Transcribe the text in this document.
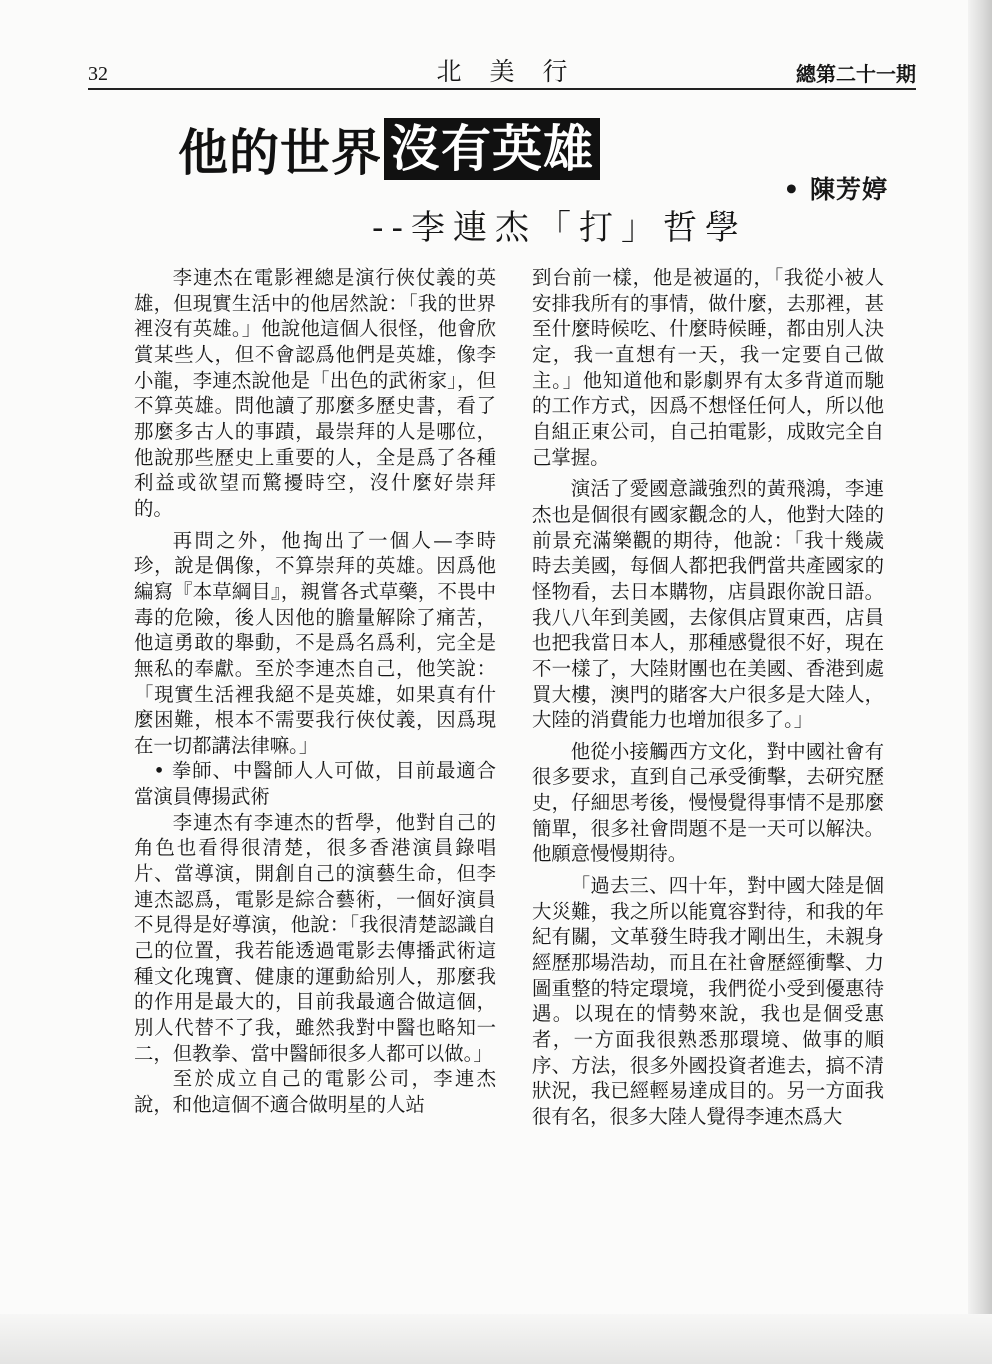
32	北美行	總第二十一期
他的世界 沒有英雄
• 陳芳婷
--李連杰「打」哲學

李連杰在電影裡總是演行俠仗義的英雄，但現實生活中的他居然說：「我的世界裡沒有英雄。」他說他這個人很怪，他會欣賞某些人，但不會認爲他們是英雄，像李小龍，李連杰說他是「出色的武術家」，但不算英雄。問他讀了那麼多歷史書，看了那麼多古人的事蹟，最崇拜的人是哪位，他說那些歷史上重要的人，全是爲了各種利益或欲望而驚擾時空，沒什麼好崇拜的。

再問之外，他掏出了一個人—李時珍，說是偶像，不算崇拜的英雄。因爲他編寫『本草綱目』，親嘗各式草藥，不畏中毒的危險，後人因他的膽量解除了痛苦，他這勇敢的舉動，不是爲名爲利，完全是無私的奉獻。至於李連杰自己，他笑說：「現實生活裡我絕不是英雄，如果真有什麼困難，根本不需要我行俠仗義，因爲現在一切都講法律嘛。」

• 拳師、中醫師人人可做，目前最適合當演員傳揚武術

李連杰有李連杰的哲學，他對自己的角色也看得很清楚，很多香港演員錄唱片、當導演，開創自己的演藝生命，但李連杰認爲，電影是綜合藝術，一個好演員不見得是好導演，他說：「我很清楚認識自己的位置，我若能透過電影去傳播武術這種文化瑰寶、健康的運動給別人，那麼我的作用是最大的，目前我最適合做這個，別人代替不了我，雖然我對中醫也略知一二，但教拳、當中醫師很多人都可以做。」

至於成立自己的電影公司，李連杰說，和他這個不適合做明星的人站

到台前一樣，他是被逼的，「我從小被人安排我所有的事情，做什麼，去那裡，甚至什麼時候吃、什麼時候睡，都由別人決定，我一直想有一天，我一定要自己做主。」他知道他和影劇界有太多背道而馳的工作方式，因爲不想怪任何人，所以他自組正東公司，自己拍電影，成敗完全自己掌握。

演活了愛國意識強烈的黃飛鴻，李連杰也是個很有國家觀念的人，他對大陸的前景充滿樂觀的期待，他說：「我十幾歲時去美國，每個人都把我們當共產國家的怪物看，去日本購物，店員跟你說日語。我八八年到美國，去傢俱店買東西，店員也把我當日本人，那種感覺很不好，現在不一樣了，大陸財團也在美國、香港到處買大樓，澳門的賭客大户很多是大陸人，大陸的消費能力也增加很多了。」

他從小接觸西方文化，對中國社會有很多要求，直到自己承受衝擊，去研究歷史，仔細思考後，慢慢覺得事情不是那麼簡單，很多社會問題不是一天可以解決。他願意慢慢期待。

「過去三、四十年，對中國大陸是個大災難，我之所以能寬容對待，和我的年紀有關，文革發生時我才剛出生，未親身經歷那場浩劫，而且在社會歷經衝擊、力圖重整的特定環境，我們從小受到優惠待遇。以現在的情勢來說，我也是個受惠者，一方面我很熟悉那環境、做事的順序、方法，很多外國投資者進去，搞不清狀況，我已經輕易達成目的。另一方面我很有名，很多大陸人覺得李連杰爲大
